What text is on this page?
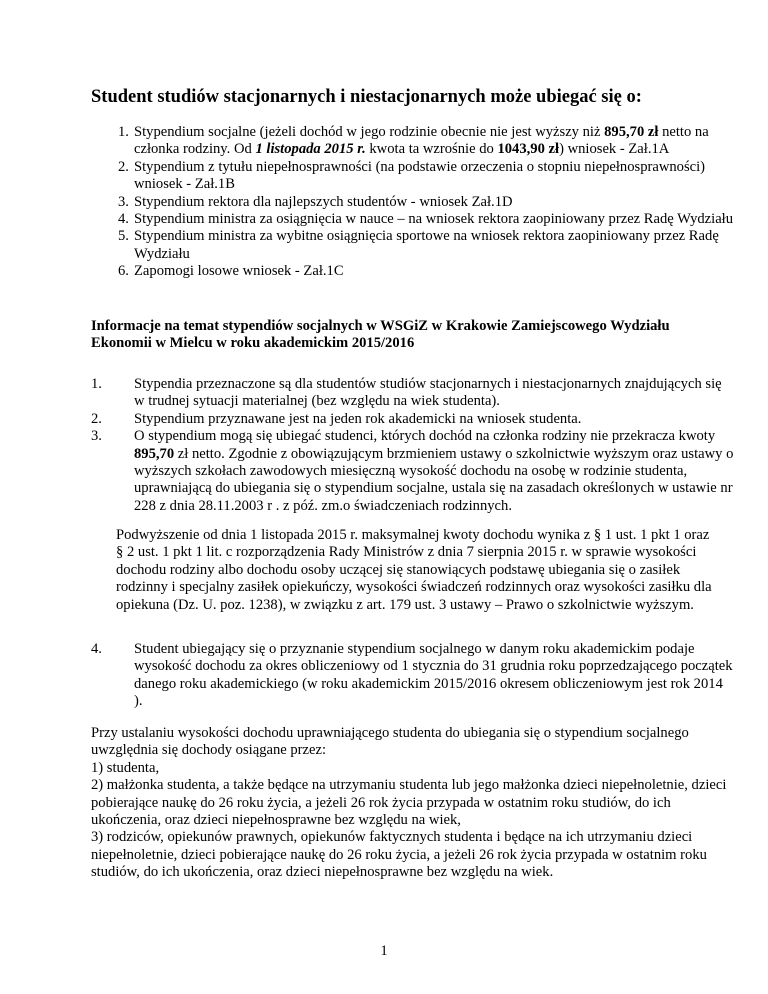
Student studiów stacjonarnych i niestacjonarnych może ubiegać się o:
1. Stypendium socjalne (jeżeli dochód w jego rodzinie obecnie nie jest wyższy niż 895,70 zł netto na członka rodziny. Od 1 listopada 2015 r. kwota ta wzrośnie do 1043,90 zł) wniosek - Zał.1A
2. Stypendium z tytułu niepełnosprawności (na podstawie orzeczenia o stopniu niepełnosprawności) wniosek - Zał.1B
3. Stypendium rektora dla najlepszych studentów - wniosek Zał.1D
4. Stypendium ministra za osiągnięcia w nauce – na wniosek rektora zaopiniowany przez Radę Wydziału
5. Stypendium ministra za wybitne osiągnięcia sportowe na wniosek rektora zaopiniowany przez Radę Wydziału
6. Zapomogi losowe wniosek - Zał.1C
Informacje na temat stypendiów socjalnych w WSGiZ w Krakowie Zamiejscowego Wydziału Ekonomii w Mielcu w roku akademickim 2015/2016
1. Stypendia przeznaczone są dla studentów studiów stacjonarnych i niestacjonarnych znajdujących się w trudnej sytuacji materialnej (bez względu na wiek studenta).
2. Stypendium przyznawane jest na jeden rok akademicki na wniosek studenta.
3. O stypendium mogą się ubiegać studenci, których dochód na członka rodziny nie przekracza kwoty 895,70 zł netto. Zgodnie z obowiązującym brzmieniem ustawy o szkolnictwie wyższym oraz ustawy o wyższych szkołach zawodowych miesięczną wysokość dochodu na osobę w rodzinie studenta, uprawniającą do ubiegania się o stypendium socjalne, ustala się na zasadach określonych w ustawie nr 228 z dnia 28.11.2003 r . z póź. zm.o świadczeniach rodzinnych.

Podwyższenie od dnia 1 listopada 2015 r. maksymalnej kwoty dochodu wynika z § 1 ust. 1 pkt 1 oraz § 2 ust. 1 pkt 1 lit. c rozporządzenia Rady Ministrów z dnia 7 sierpnia 2015 r. w sprawie wysokości dochodu rodziny albo dochodu osoby uczącej się stanowiących podstawę ubiegania się o zasiłek rodzinny i specjalny zasiłek opiekuńczy, wysokości świadczeń rodzinnych oraz wysokości zasiłku dla opiekuna (Dz. U. poz. 1238), w związku z art. 179 ust. 3 ustawy – Prawo o szkolnictwie wyższym.

4. Student ubiegający się o przyznanie stypendium socjalnego w danym roku akademickim podaje wysokość dochodu za okres obliczeniowy od 1 stycznia do 31 grudnia roku poprzedzającego początek danego roku akademickiego (w roku akademickim 2015/2016 okresem obliczeniowym jest rok 2014 ).
Przy ustalaniu wysokości dochodu uprawniającego studenta do ubiegania się o stypendium socjalnego uwzględnia się dochody osiągane przez:
1) studenta,
2) małżonka studenta, a także będące na utrzymaniu studenta lub jego małżonka dzieci niepełnoletnie, dzieci pobierające naukę do 26 roku życia, a jeżeli 26 rok życia przypada w ostatnim roku studiów, do ich ukończenia, oraz dzieci niepełnosprawne bez względu na wiek,
3) rodziców, opiekunów prawnych, opiekunów faktycznych studenta i będące na ich utrzymaniu dzieci niepełnoletnie, dzieci pobierające naukę do 26 roku życia, a jeżeli 26 rok życia przypada w ostatnim roku studiów, do ich ukończenia, oraz dzieci niepełnosprawne bez względu na wiek.
1
